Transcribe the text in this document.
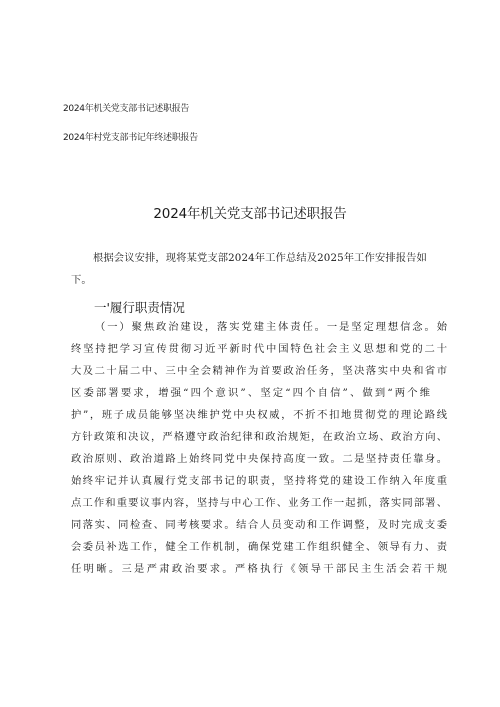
2024年机关党支部书记述职报告
2024年村党支部书记年终述职报告
2024年机关党支部书记述职报告
根据会议安排，现将某党支部2024年工作总结及2025年工作安排报告如下。
一'履行职责情况
（一）聚焦政治建设，落实党建主体责任。一是坚定理想信念。始
终坚持把学习宣传贯彻习近平新时代中国特色社会主义思想和党的二十
大及二十届二中、三中全会精神作为首要政治任务，坚决落实中央和省市
区委部署要求，增强“四个意识”、坚定“四个自信”、做到“两个维
护”，班子成员能够坚决维护党中央权威，不折不扣地贯彻党的理论路线
方针政策和决议，严格遵守政治纪律和政治规矩，在政治立场、政治方向、
政治原则、政治道路上始终同党中央保持高度一致。二是坚持责任靠身。
始终牢记并认真履行党支部书记的职责，坚持将党的建设工作纳入年度重
点工作和重要议事内容，坚持与中心工作、业务工作一起抓，落实同部署、
同落实、同检查、同考核要求。结合人员变动和工作调整，及时完成支委
会委员补选工作，健全工作机制，确保党建工作组织健全、领导有力、责
任明晰。三是严肃政治要求。严格执行《领导干部民主生活会若干规
